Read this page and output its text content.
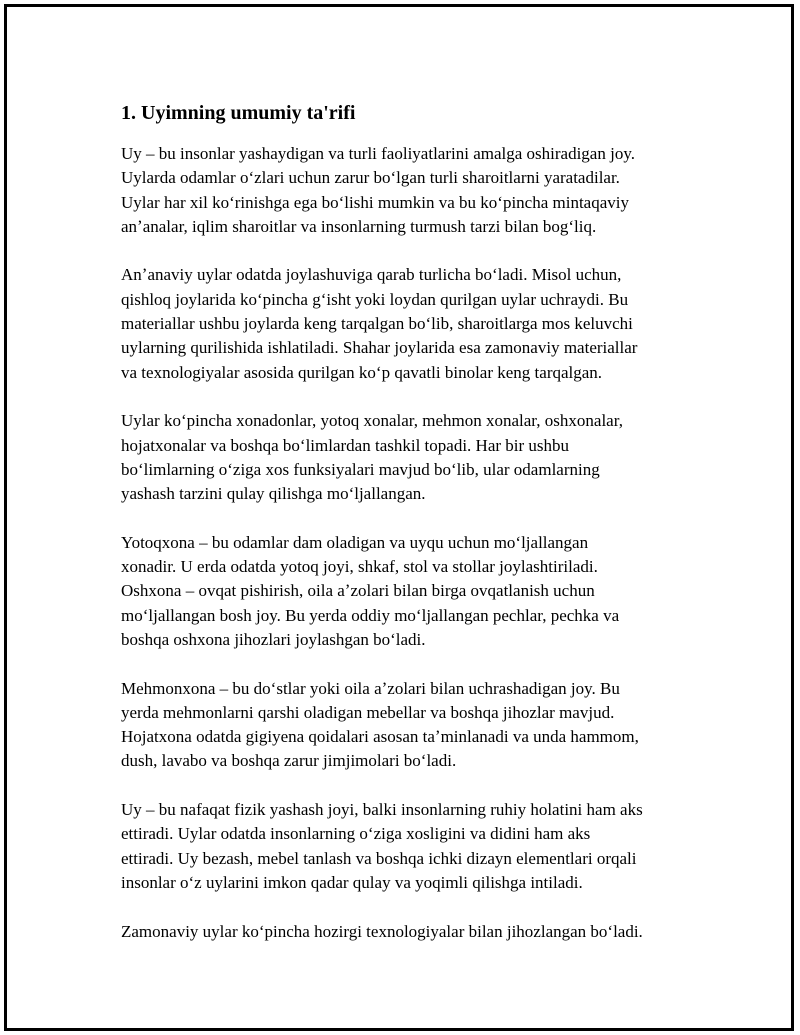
1. Uyimning umumiy ta'rifi

Uy – bu insonlar yashaydigan va turli faoliyatlarini amalga oshiradigan joy.
Uylarda odamlar oʻzlari uchun zarur boʻlgan turli sharoitlarni yaratadilar.
Uylar har xil koʻrinishga ega boʻlishi mumkin va bu koʻpincha mintaqaviy
anʼanalar, iqlim sharoitlar va insonlarning turmush tarzi bilan bogʻliq.

Anʼanaviy uylar odatda joylashuviga qarab turlicha boʻladi. Misol uchun,
qishloq joylarida koʻpincha gʻisht yoki loydan qurilgan uylar uchraydi. Bu
materiallar ushbu joylarda keng tarqalgan boʻlib, sharoitlarga mos keluvchi
uylarning qurilishida ishlatiladi. Shahar joylarida esa zamonaviy materiallar
va texnologiyalar asosida qurilgan koʻp qavatli binolar keng tarqalgan.

Uylar koʻpincha xonadonlar, yotoq xonalar, mehmon xonalar, oshxonalar,
hojatxonalar va boshqa boʻlimlardan tashkil topadi. Har bir ushbu
boʻlimlarning oʻziga xos funksiyalari mavjud boʻlib, ular odamlarning
yashash tarzini qulay qilishga moʻljallangan.

Yotoqxona – bu odamlar dam oladigan va uyqu uchun moʻljallangan
xonadir. U erda odatda yotoq joyi, shkaf, stol va stollar joylashtiriladi.
Oshxona – ovqat pishirish, oila aʼzolari bilan birga ovqatlanish uchun
moʻljallangan bosh joy. Bu yerda oddiy moʻljallangan pechlar, pechka va
boshqa oshxona jihozlari joylashgan boʻladi.

Mehmonxona – bu doʻstlar yoki oila aʼzolari bilan uchrashadigan joy. Bu
yerda mehmonlarni qarshi oladigan mebellar va boshqa jihozlar mavjud.
Hojatxona odatda gigiyena qoidalari asosan taʼminlanadi va unda hammom,
dush, lavabo va boshqa zarur jimjimolari boʻladi.

Uy – bu nafaqat fizik yashash joyi, balki insonlarning ruhiy holatini ham aks
ettiradi. Uylar odatda insonlarning oʻziga xosligini va didini ham aks
ettiradi. Uy bezash, mebel tanlash va boshqa ichki dizayn elementlari orqali
insonlar oʻz uylarini imkon qadar qulay va yoqimli qilishga intiladi.

Zamonaviy uylar koʻpincha hozirgi texnologiyalar bilan jihozlangan boʻladi.
